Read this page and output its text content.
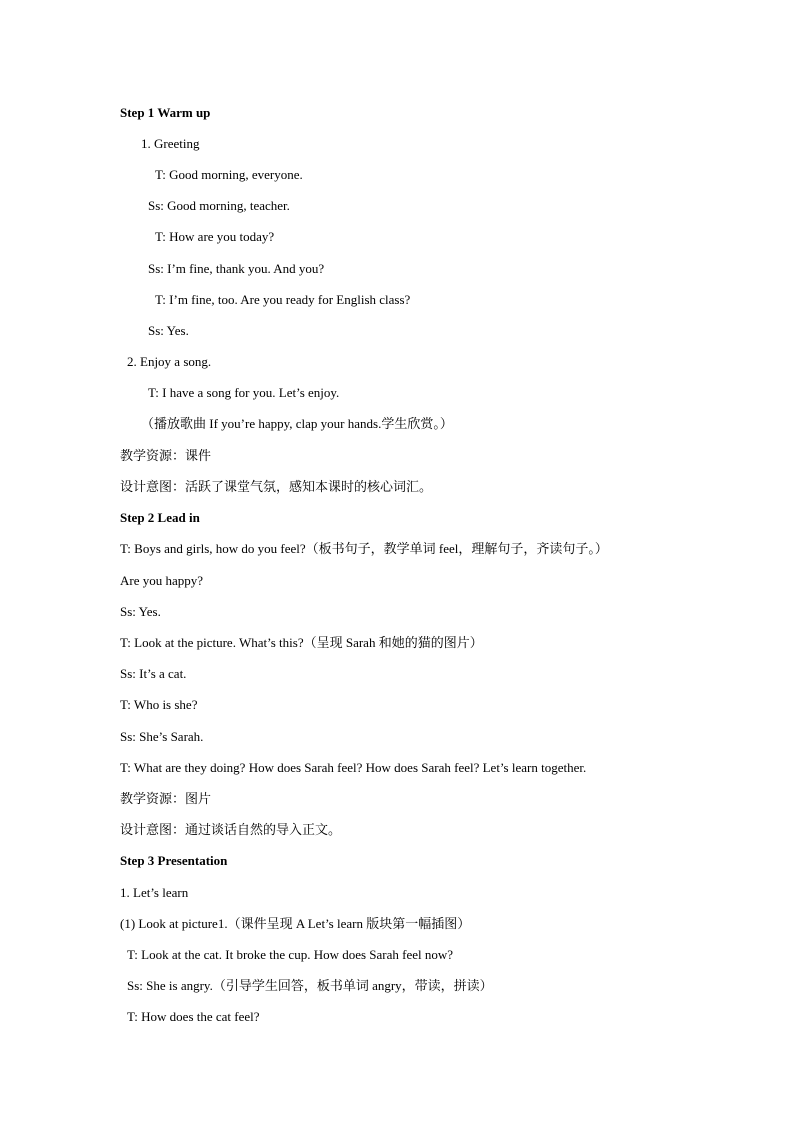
Step 1 Warm up
1. Greeting
T: Good morning, everyone.
Ss: Good morning, teacher.
T: How are you today?
Ss: I’m fine, thank you. And you?
T: I’m fine, too. Are you ready for English class?
Ss: Yes.
2. Enjoy a song.
T: I have a song for you. Let’s enjoy.
（播放歌曲 If you’re happy, clap your hands.学生欣赏。）
教学资源：课件
设计意图：活跃了课堂气氛，感知本课时的核心词汇。
Step 2 Lead in
T: Boys and girls, how do you feel?（板书句子，教学单词 feel，理解句子，齐读句子。）
Are you happy?
Ss: Yes.
T: Look at the picture. What’s this?（呈现 Sarah 和她的猫的图片）
Ss: It’s a cat.
T: Who is she?
Ss: She’s Sarah.
T: What are they doing? How does Sarah feel? How does Sarah feel? Let’s learn together.
教学资源：图片
设计意图：通过谈话自然的导入正文。
Step 3 Presentation
1. Let’s learn
(1) Look at picture1.（课件呈现 A Let’s learn 版块第一幅插图）
T: Look at the cat. It broke the cup. How does Sarah feel now?
Ss: She is angry.（引导学生回答，板书单词 angry，带读，拼读）
T: How does the cat feel?
